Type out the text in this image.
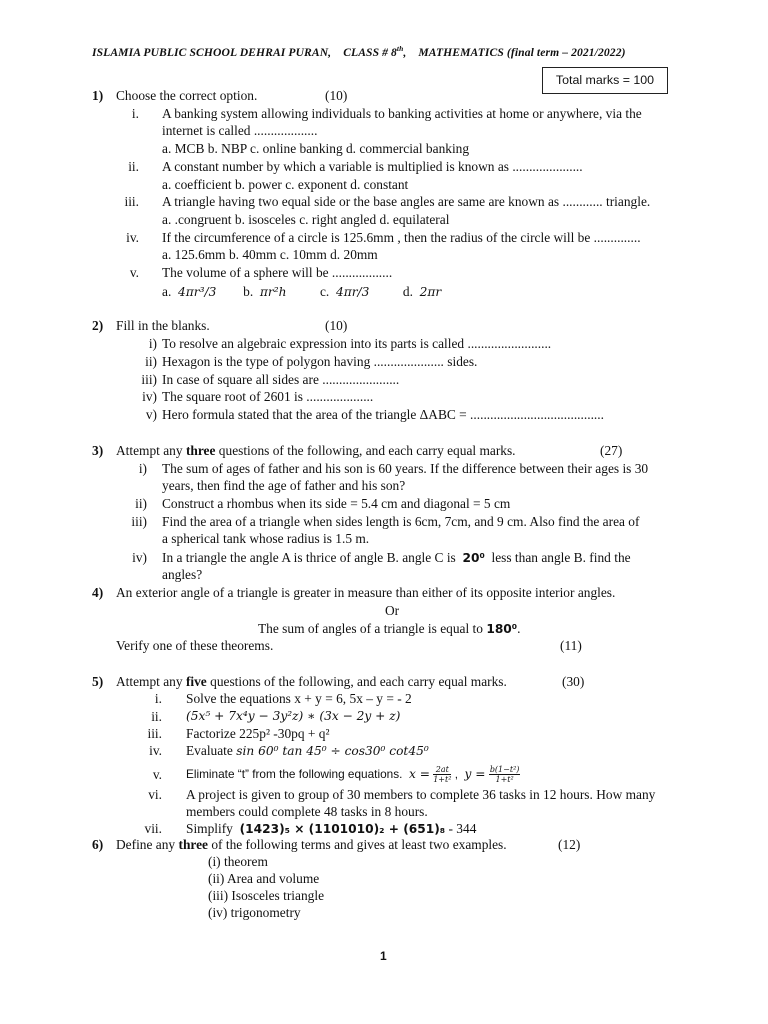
ISLAMIA PUBLIC SCHOOL DEHRAI PURAN, CLASS # 8th, MATHEMATICS (final term – 2021/2022)
Total marks = 100
1) Choose the correct option.	(10)
i. A banking system allowing individuals to banking activities at home or anywhere, via the
internet is called ...................
a. MCB b. NBP c. online banking d. commercial banking
ii. A constant number by which a variable is multiplied is known as .....................
a. coefficient b. power c. exponent d. constant
iii. A triangle having two equal side or the base angles are same are known as ............ triangle.
a. .congruent b. isosceles c. right angled d. equilateral
iv. If the circumference of a circle is 125.6mm , then the radius of the circle will be ..............
a. 125.6mm b. 40mm c. 10mm d. 20mm
v. The volume of a sphere will be ..................
a. 4πr³/3 b. πr²h c. 4πr/3 d. 2πr
2) Fill in the blanks.	(10)
i) To resolve an algebraic expression into its parts is called .........................
ii) Hexagon is the type of polygon having ..................... sides.
iii) In case of square all sides are .......................
iv) The square root of 2601 is ....................
v) Hero formula stated that the area of the triangle ΔABC = ........................................
3) Attempt any three questions of the following, and each carry equal marks.	(27)
i) The sum of ages of father and his son is 60 years. If the difference between their ages is 30
years, then find the age of father and his son?
ii) Construct a rhombus when its side = 5.4 cm and diagonal = 5 cm
iii) Find the area of a triangle when sides length is 6cm, 7cm, and 9 cm. Also find the area of
a spherical tank whose radius is 1.5 m.
iv) In a triangle the angle A is thrice of angle B. angle C is 20⁰ less than angle B. find the
angles?
4) An exterior angle of a triangle is greater in measure than either of its opposite interior angles.
Or
The sum of angles of a triangle is equal to 180⁰.
Verify one of these theorems.	(11)
5) Attempt any five questions of the following, and each carry equal marks.	(30)
i. Solve the equations x + y = 6, 5x – y = - 2
ii. (5x⁵ + 7x⁴y − 3y²z) ∗ (3x − 2y + z)
iii. Factorize 225p² -30pq + q²
iv. Evaluate sin 60⁰ tan 45⁰ ÷ cos30⁰ cot45⁰
v. Eliminate “t” from the following equations. $x = \frac{2at}{\text{1+t²}}$ , $y = \frac{\text{b(1−t²)}}{\text{1+t²}}$
vi. A project is given to group of 30 members to complete 36 tasks in 12 hours. How many
members could complete 48 tasks in 8 hours.
vii. Simplify (1423)₅ × (1101010)₂ + (651)₈ - 344
6) Define any three of the following terms and gives at least two examples.	(12)
(i) theorem
(ii) Area and volume
(iii) Isosceles triangle
(iv) trigonometry
1
